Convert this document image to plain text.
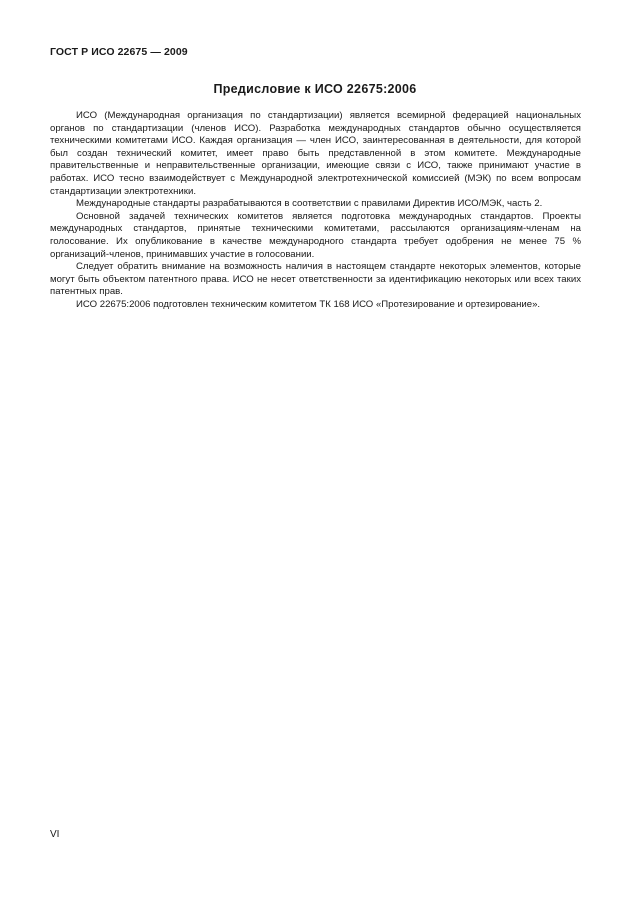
ГОСТ Р ИСО 22675 — 2009
Предисловие к ИСО 22675:2006

ИСО (Международная организация по стандартизации) является всемирной федерацией национальных органов по стандартизации (членов ИСО). Разработка международных стандартов обычно осуществляется техническими комитетами ИСО. Каждая организация — член ИСО, заинтересованная в деятельности, для которой был создан технический комитет, имеет право быть представленной в этом комитете. Международные правительственные и неправительственные организации, имеющие связи с ИСО, также принимают участие в работах. ИСО тесно взаимодействует с Международной электротехнической комиссией (МЭК) по всем вопросам стандартизации электротехники.

Международные стандарты разрабатываются в соответствии с правилами Директив ИСО/МЭК, часть 2.

Основной задачей технических комитетов является подготовка международных стандартов. Проекты международных стандартов, принятые техническими комитетами, рассылаются организациям-членам на голосование. Их опубликование в качестве международного стандарта требует одобрения не менее 75 % организаций-членов, принимавших участие в голосовании.

Следует обратить внимание на возможность наличия в настоящем стандарте некоторых элементов, которые могут быть объектом патентного права. ИСО не несет ответственности за идентификацию некоторых или всех таких патентных прав.

ИСО 22675:2006 подготовлен техническим комитетом ТК 168 ИСО «Протезирование и ортезирование».

VI
